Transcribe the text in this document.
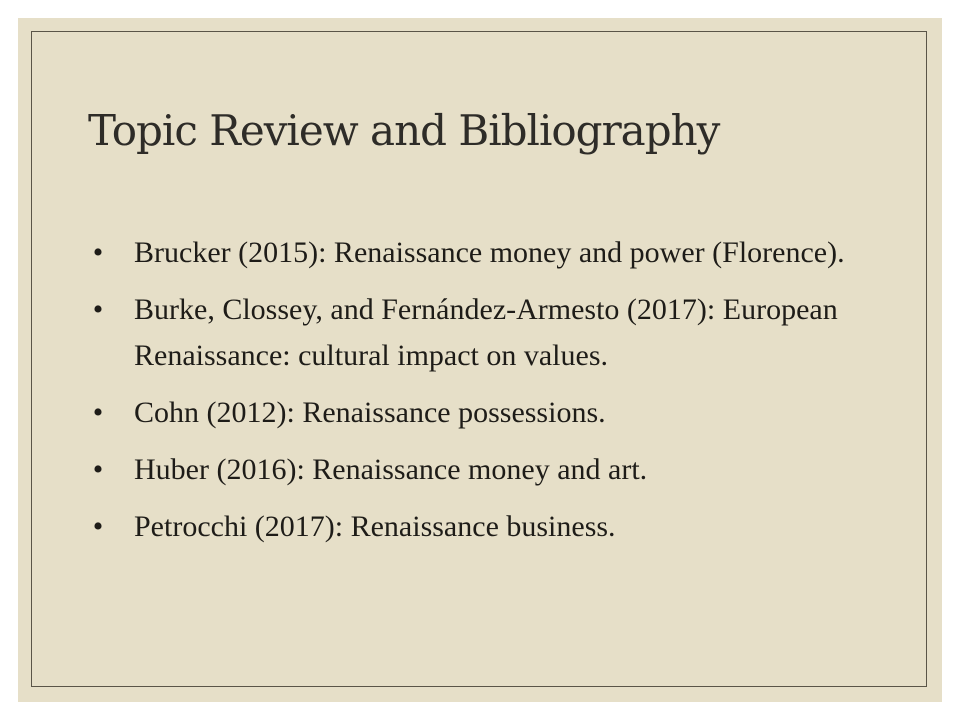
Topic Review and Bibliography
• Brucker (2015): Renaissance money and power (Florence).
• Burke, Clossey, and Fernández-Armesto (2017): European Renaissance: cultural impact on values.
• Cohn (2012): Renaissance possessions.
• Huber (2016): Renaissance money and art.
• Petrocchi (2017): Renaissance business.
